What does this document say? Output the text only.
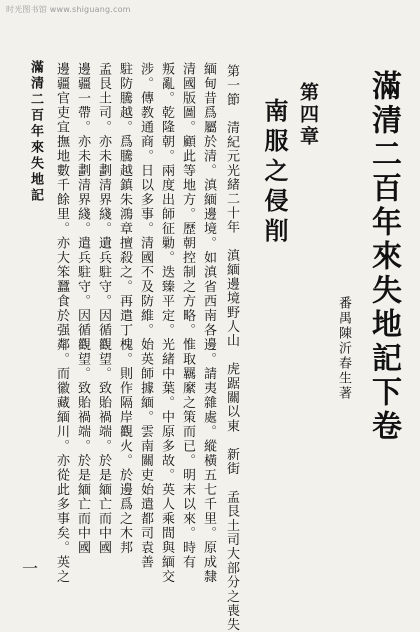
时光图书馆 www.shiguang.com
滿清二百年來失地記下卷
番禺陳沂春生著
第四章
南服之侵削
第一節　清紀元光緒二十年　滇緬邊境野人山　虎踞關以東　新街　孟艮土司大部分之喪失
緬甸昔爲屬於清。滇緬邊境。如滇省西南各邊。請夷雜處。縱橫五七千里。原成隸
清國版圖。顧此等地方。歷朝控制之方略。惟取羈縻之策而已。明末以來。時有
叛亂。乾隆朝。兩度出師征勦。迭臻平定。光緒中葉。中原多故。英人乘間與緬交
涉。傳教通商。日以多事。清國不及防維。始英師據緬。雲南關吏始遣都司袁善
駐防騰越。爲騰越鎮朱鴻章擅殺之。再遣丁槐。則作隔岸觀火。於邊爲之木邦
孟艮土司。亦未劃清界綫。遺兵駐守。因循觀望。致貽禍端。於是緬亡而中國
邊疆一帶。亦未劃清界綫。遣兵駐守。因循觀望。致貽禍端。於是緬亡而中國
邊疆官吏宜撫地數千餘里。亦大笨蠶食於强鄰。而徽藏緬川。亦從此多事矣。英之
滿清二百年來失地記
一
